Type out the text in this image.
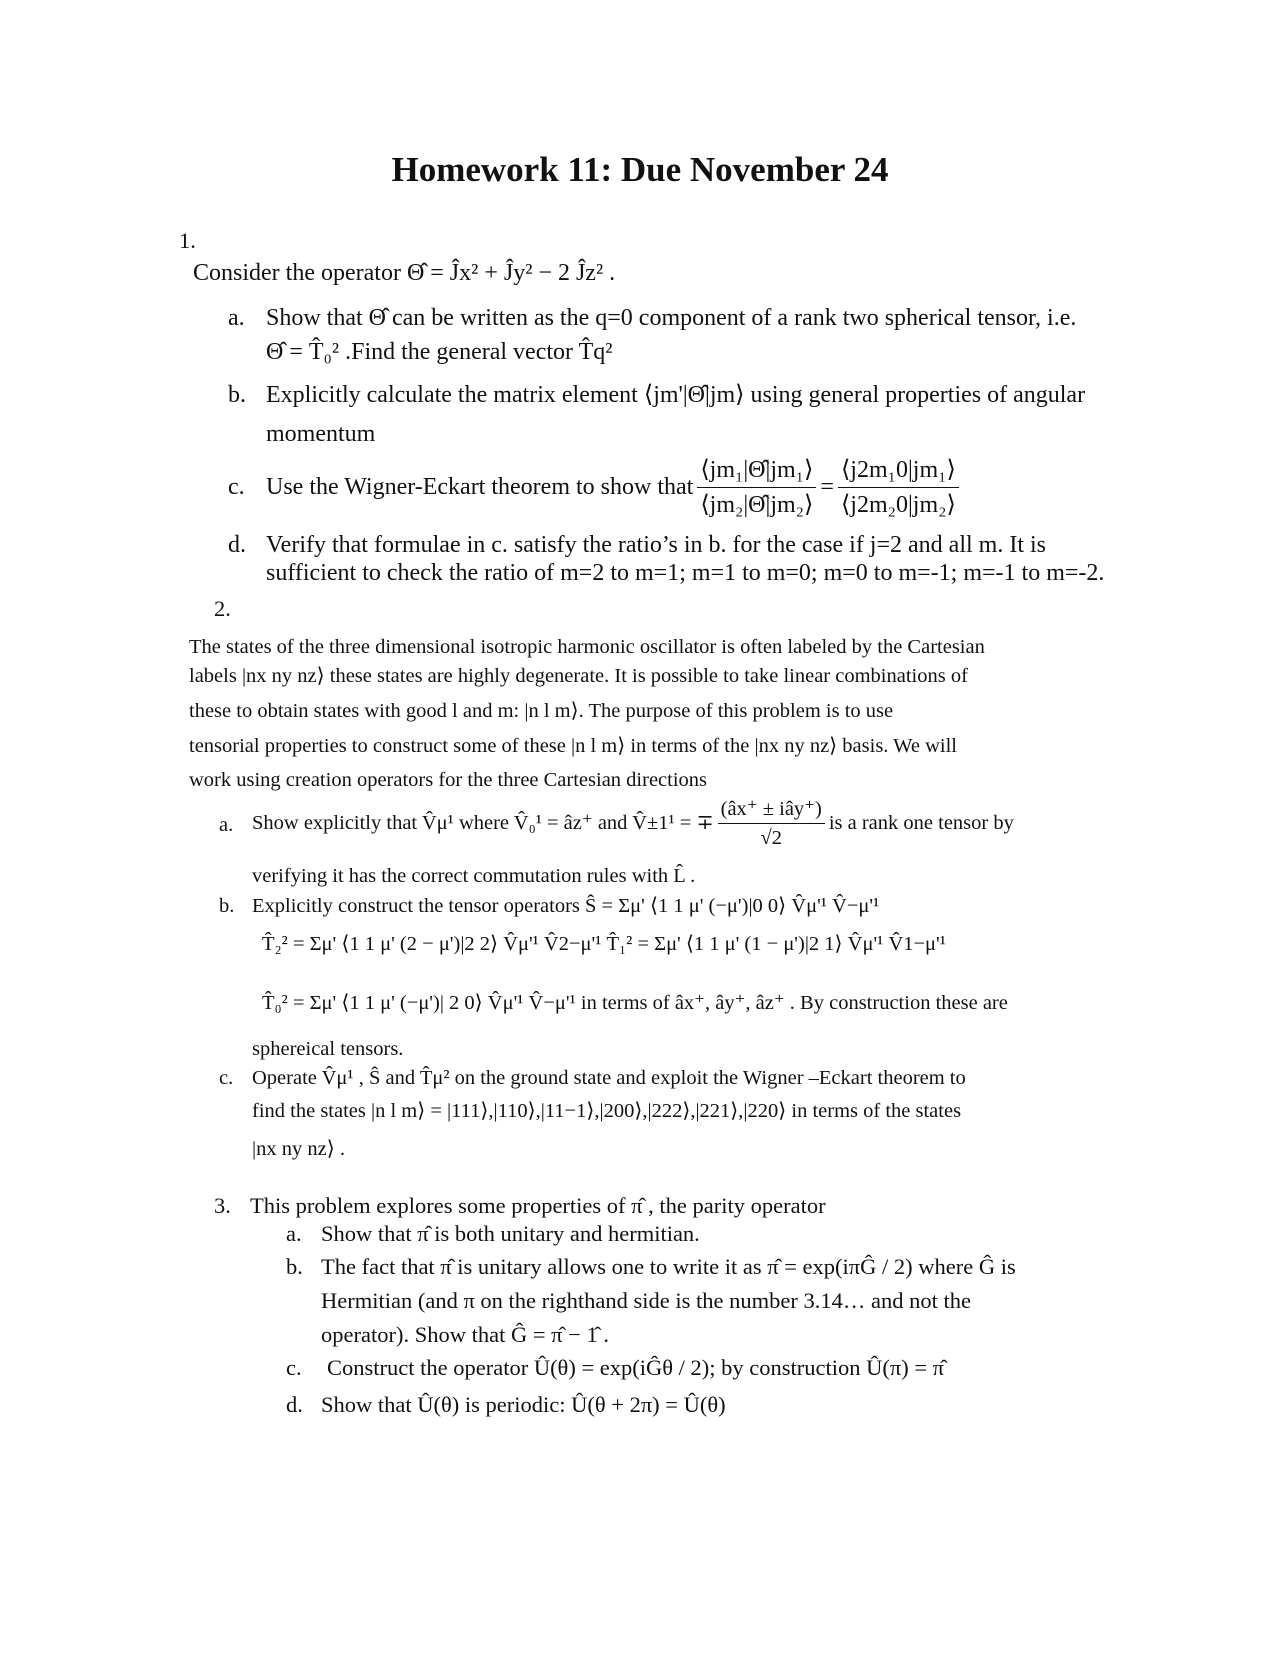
Homework 11: Due November 24
1.
Consider the operator Θ̂ = Ĵx² + Ĵy² − 2 Ĵz² .
a. Show that Θ̂ can be written as the q=0 component of a rank two spherical tensor, i.e.
Θ̂ = T̂₀² .Find the general vector T̂q²
b. Explicitly calculate the matrix element ⟨jm'|Θ̂|jm⟩ using general properties of angular
momentum
c. Use the Wigner-Eckart theorem to show that $\frac{\text{⟨jm₁|Θ̂|jm₁⟩}}{\text{⟨jm₂|Θ̂|jm₂⟩}} = \frac{\text{⟨j2m₁0|jm₁⟩}}{\text{⟨j2m₂0|jm₂⟩}}$
d. Verify that formulae in c. satisfy the ratio’s in b. for the case if j=2 and all m. It is
sufficient to check the ratio of m=2 to m=1; m=1 to m=0; m=0 to m=-1; m=-1 to m=-2.
2.
The states of the three dimensional isotropic harmonic oscillator is often labeled by the Cartesian
labels |nx ny nz⟩ these states are highly degenerate. It is possible to take linear combinations of
these to obtain states with good l and m: |n l m⟩. The purpose of this problem is to use
tensorial properties to construct some of these |n l m⟩ in terms of the |nx ny nz⟩ basis. We will
work using creation operators for the three Cartesian directions
a. Show explicitly that V̂μ¹ where V̂₀¹ = âz⁺ and V̂±1¹ = ∓ $\frac{\text{(âx⁺ ± iây⁺)}}{√2}$ is a rank one tensor by
verifying it has the correct commutation rules with L̂ .
b. Explicitly construct the tensor operators Ŝ = Σμ' ⟨1 1 μ' (−μ')|0 0⟩ V̂μ'¹ V̂−μ'¹
T̂₂² = Σμ' ⟨1 1 μ' (2 − μ')|2 2⟩ V̂μ'¹ V̂2−μ'¹ T̂₁² = Σμ' ⟨1 1 μ' (1 − μ')|2 1⟩ V̂μ'¹ V̂1−μ'¹
T̂₀² = Σμ' ⟨1 1 μ' (−μ')| 2 0⟩ V̂μ'¹ V̂−μ'¹ in terms of âx⁺, ây⁺, âz⁺ . By construction these are
sphereical tensors.
c. Operate V̂μ¹ , Ŝ and T̂μ² on the ground state and exploit the Wigner –Eckart theorem to
find the states |n l m⟩ = |111⟩,|110⟩,|11−1⟩,|200⟩,|222⟩,|221⟩,|220⟩ in terms of the states
|nx ny nz⟩ .
3. This problem explores some properties of π̂ , the parity operator
a. Show that π̂ is both unitary and hermitian.
b. The fact that π̂ is unitary allows one to write it as π̂ = exp(iπĜ / 2) where Ĝ is
Hermitian (and π on the righthand side is the number 3.14… and not the
operator). Show that Ĝ = π̂ − 1̂ .
c. Construct the operator Û(θ) = exp(iĜθ / 2); by construction Û(π) = π̂
d. Show that Û(θ) is periodic: Û(θ + 2π) = Û(θ)
